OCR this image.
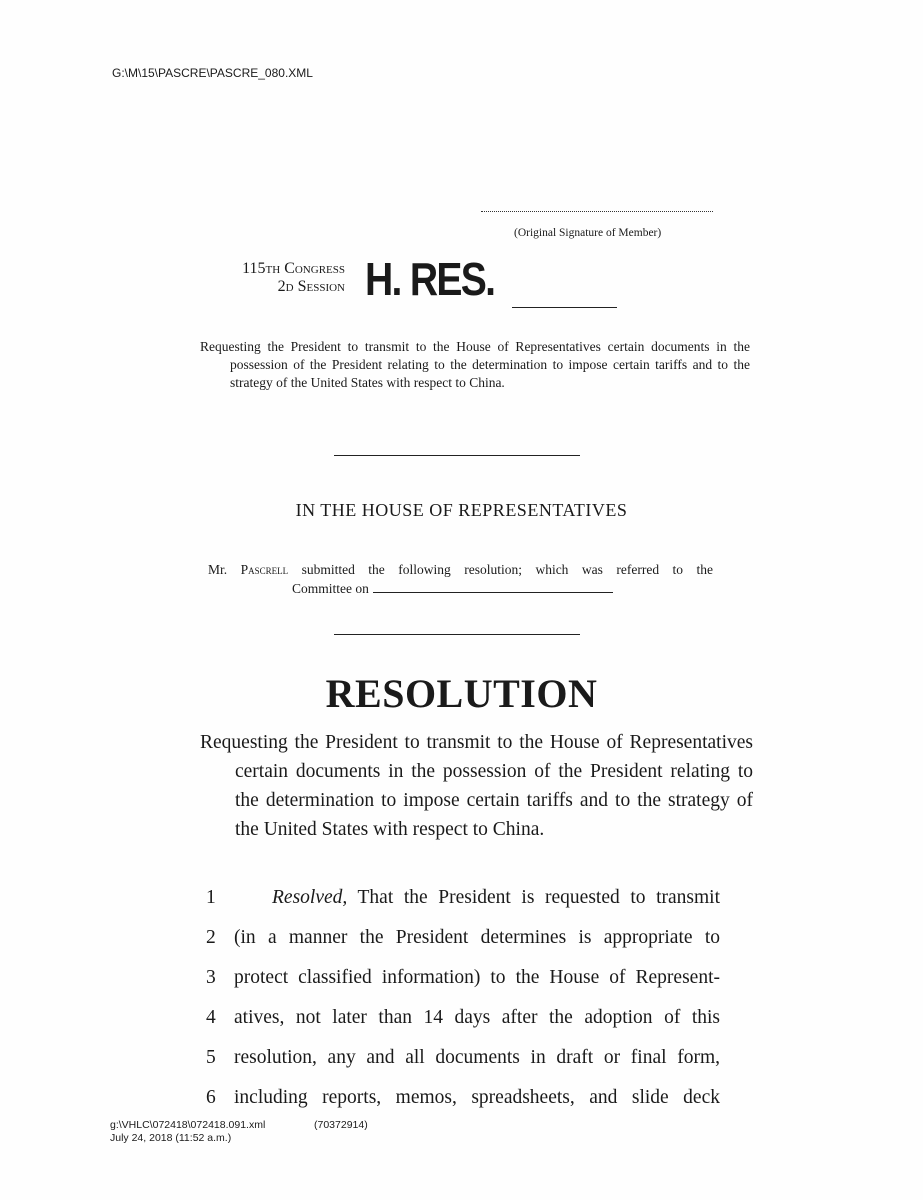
G:\M\15\PASCRE\PASCRE_080.XML
(Original Signature of Member)
115th Congress
2d Session H. RES.
Requesting the President to transmit to the House of Representatives certain documents in the possession of the President relating to the determination to impose certain tariffs and to the strategy of the United States with respect to China.
IN THE HOUSE OF REPRESENTATIVES
Mr. Pascrell submitted the following resolution; which was referred to the
Committee on
RESOLUTION
Requesting the President to transmit to the House of Representatives certain documents in the possession of the President relating to the determination to impose certain tariffs and to the strategy of the United States with respect to China.
1	Resolved, That the President is requested to transmit
2 (in a manner the President determines is appropriate to
3 protect classified information) to the House of Represent-
4 atives, not later than 14 days after the adoption of this
5 resolution, any and all documents in draft or final form,
6 including reports, memos, spreadsheets, and slide deck
g:\VHLC\072418\072418.091.xml	(70372914)
July 24, 2018 (11:52 a.m.)
